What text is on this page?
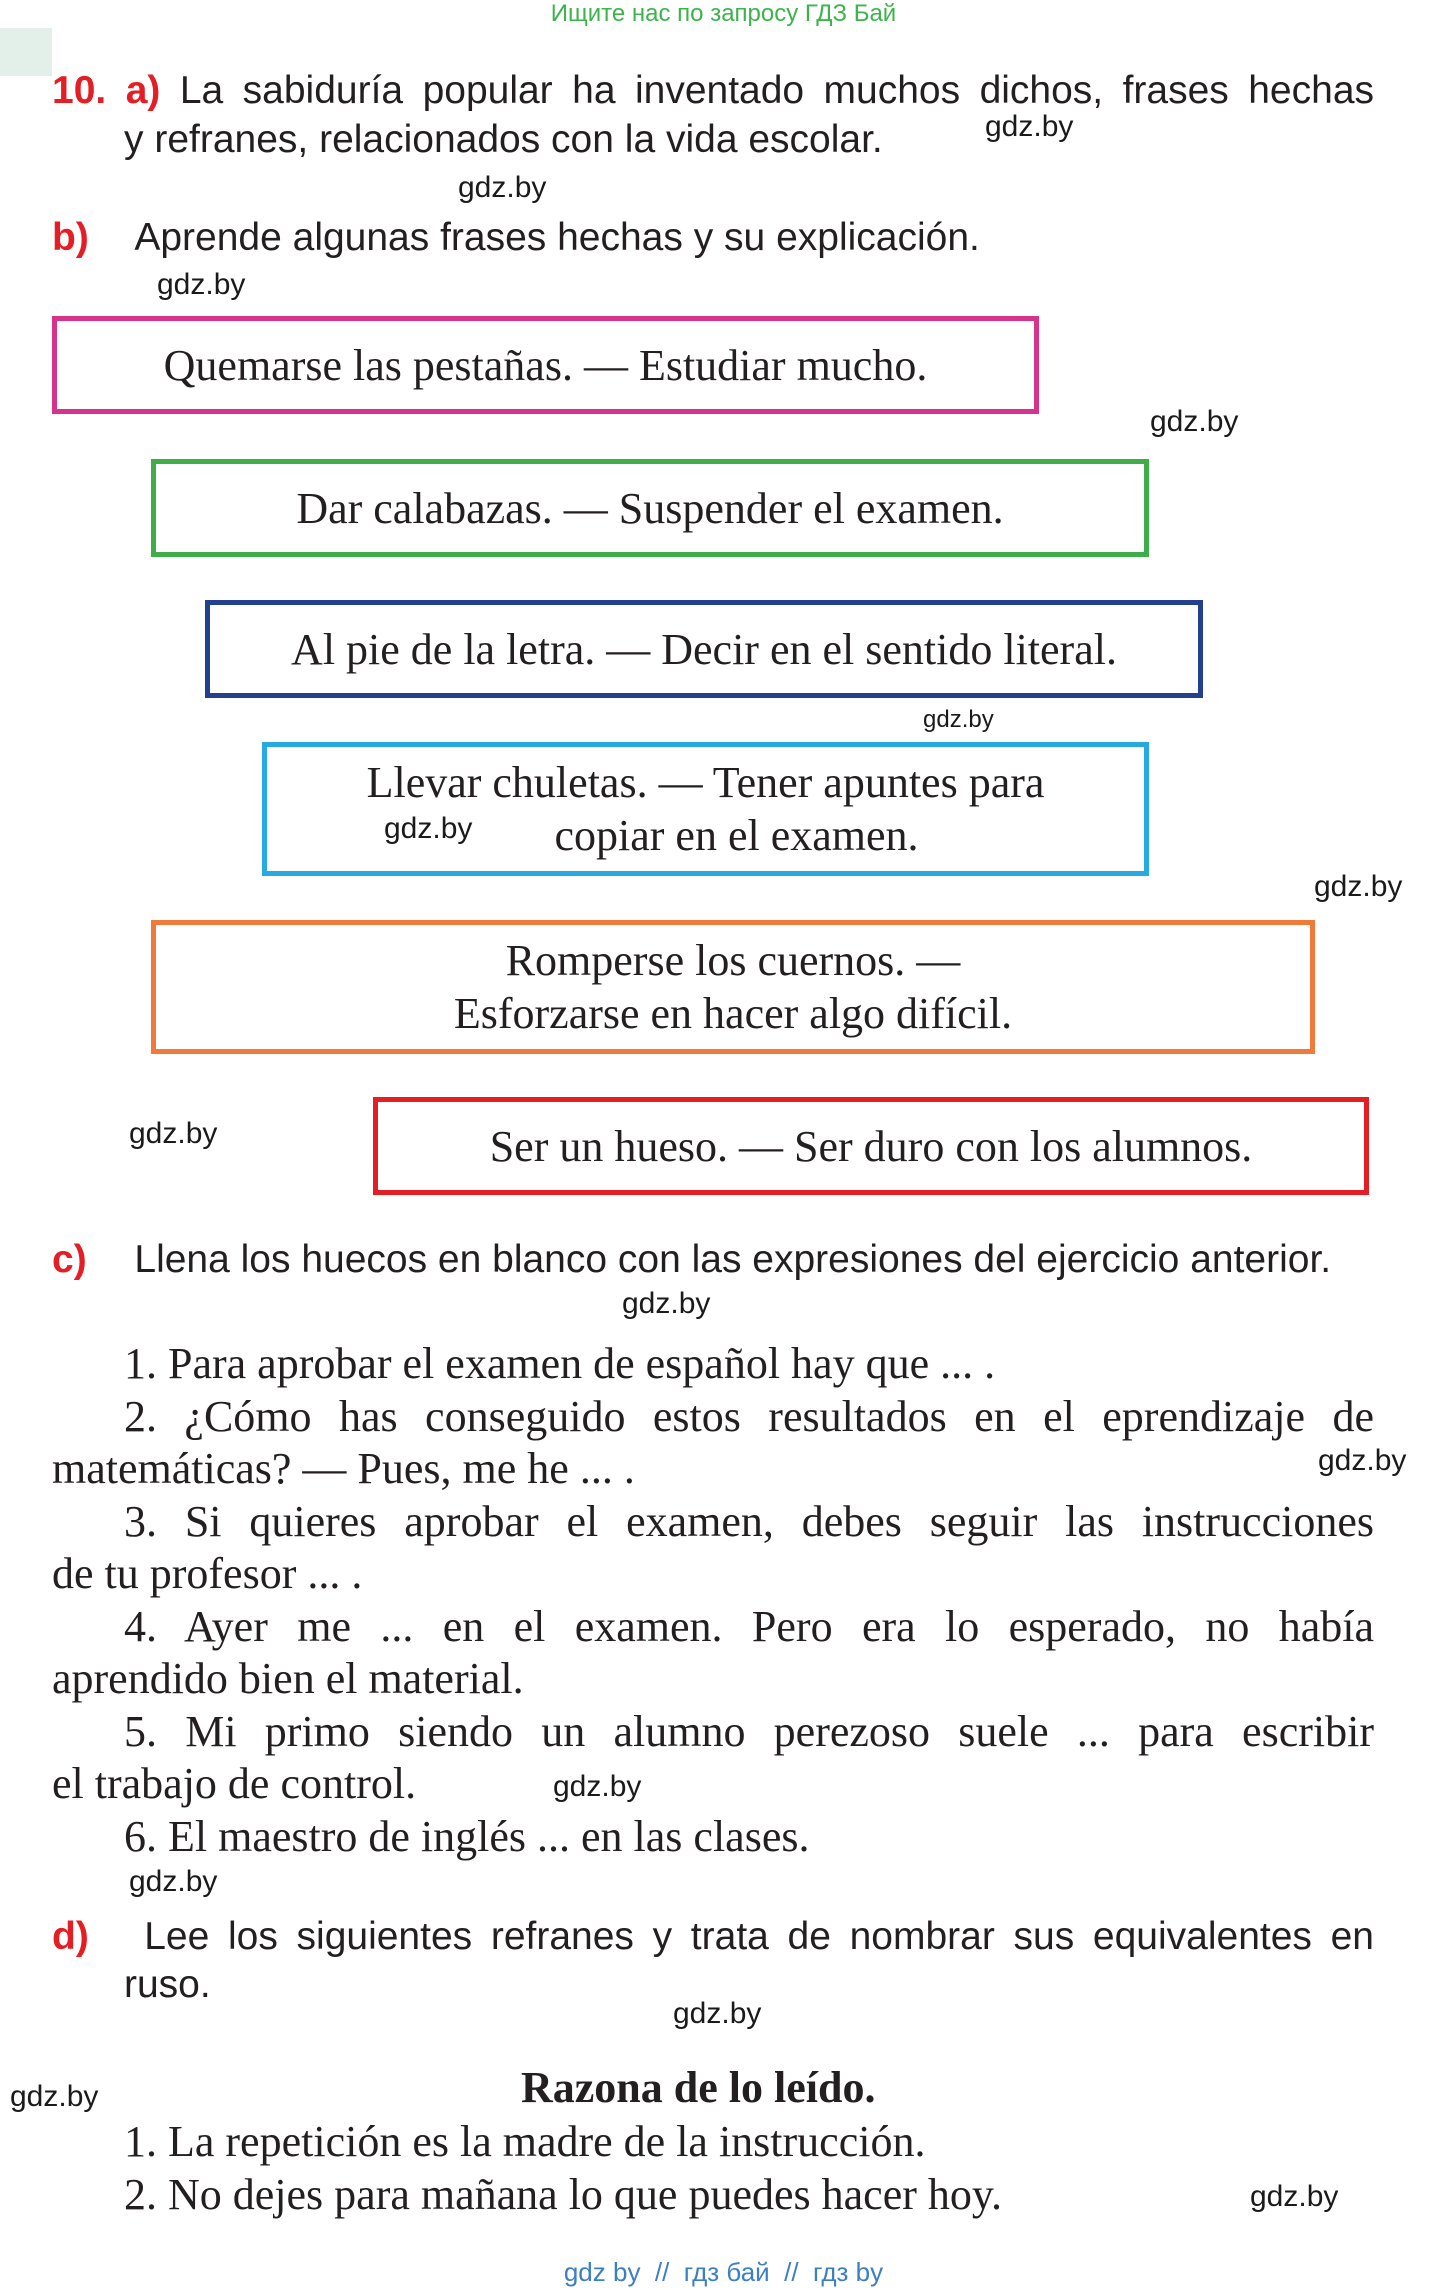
Ищите нас по запросу ГДЗ Бай
10. a) La sabiduría popular ha inventado muchos dichos, frases hechas
y refranes, relacionados con la vida escolar.	gdz.by
gdz.by
b) Aprende algunas frases hechas y su explicación.
gdz.by
Quemarse las pestañas. — Estudiar mucho.
gdz.by
Dar calabazas. — Suspender el examen.
Al pie de la letra. — Decir en el sentido literal.
gdz.by
Llevar chuletas. — Tener apuntes para
copiar en el examen.
gdz.by
gdz.by
Romperse los cuernos. —
Esforzarse en hacer algo difícil.
gdz.by	Ser un hueso. — Ser duro con los alumnos.
c) Llena los huecos en blanco con las expresiones del ejercicio anterior.
gdz.by
1. Para aprobar el examen de español hay que ... .
2. ¿Cómo has conseguido estos resultados en el eprendizaje de
matemáticas? — Pues, me he ... .
3. Si quieres aprobar el examen, debes seguir las instrucciones
de tu profesor ... .
4. Ayer me ... en el examen. Pero era lo esperado, no había
aprendido bien el material.
5. Mi primo siendo un alumno perezoso suele ... para escribir
el trabajo de control.
6. El maestro de inglés ... en las clases.
gdz.by
gdz.by
gdz.by
d) Lee los siguientes refranes y trata de nombrar sus equivalentes en
ruso.
gdz.by
gdz.by	Razona de lo leído.
1. La repetición es la madre de la instrucción.
2. No dejes para mañana lo que puedes hacer hoy.	gdz.by
gdz by  //  гдз бай  //  гдз by
